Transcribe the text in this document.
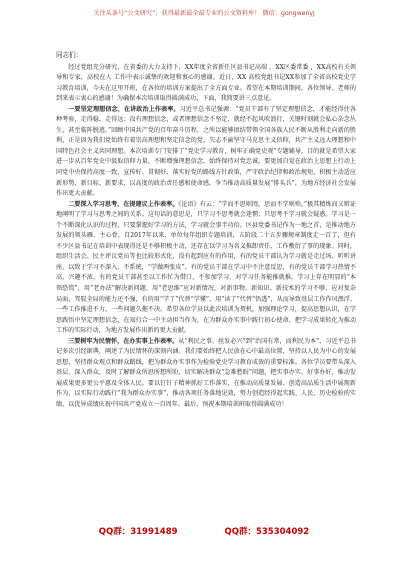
关注头条号“公文研究”，获得最新最全最专业的公文资料库！ 微信：gongwenyj

同志们：

经过党组充分研究，在省委的大力支持下，XX年度全省新任区县书记高端 ，XX区委常委 ，XX高校有关领导和专家，高校在人 工作中表示诚挚的欢迎和衷心的感谢。近日，XX 高校党组书记XX参加了全省高校党史学习教育培训，今天在这里开班，在各位的培训方案提出了全方面专业。希望在本期培训期间，各位领导、老师的到来表示衷心的感谢！为确保本次培训取得圆满成功，下面，我简要讲三点意见。

一要坚定理想信念，在讲政治上作表率。习近平总书记强调：“党员干部有了坚定理想信念，才能经得住各种考验，走得稳、走得远；没有理想信念，或者理想信念不坚定，就经不起风吹浪打，关键时刻就会私心杂念丛生，甚至临阵脱逃。”回顾中国共产党的百年奋斗历程，之所以能够团结带领全国各族人民不断从胜利走向新的胜利，正是因为我们党始终有着崇高理想和坚定信念的党，矢志不渝坚守马克思主义信仰，共产主义远大理想和中国特色社会主义共同理想。本次培训专门安排了“党史学习教育，树牢正确党史观”专题辅导，目的就是希望大家进一步从百年党史中汲取信仰力量，不断增强理想信念，始终保持对党忠诚，要更加自觉在政治上思想上行动上同党中央保持高度一致，宣传好、贯彻好、落实好党的路线方针政策，严守政治纪律和政治规矩，积极主动适应新形势、新目标、新要求，以高度的政治责任感和使命感，争当推动高质量发展“排头兵”，为地方经济社会发展作出更大贡献。

二要深入学习思考，在提建议上作表率。《论语》有云：“学而不思则罔，思而不学则殆。”极其精炼而又辩证地阐明了学习与思考之间的关系。这句话的意思是，只学习不思考就会迷惘；只思考不学习就会疑惑。学习是一个不断深化认识的过程，只要掌握好学习的方法，学习就会事半功倍。区县党委书记作为一地之首，是推动地方发展的领头雁、主心骨，自2017年以来，单位每年组织专题培训，五阶段二十五步骤规章制度走一百了，但有不少区县书记在培训中表现得还是不够积极主动，还存在以学习为名义推卸责任、工作敷衍了事的现象。同时，组织生活会、民主评议党员等也比较形式化，没有起到应有的作用，有的党员干部认为学习就是走过场、听听讲座，以致于学习不深入、不系统，“学做两张皮”。有的党员干部在学习中不注意反思，有的党员干部学习热情不高、兴趣不浓，有的党员干部甚至以工作忙为借口，不参加学习，对学习任务能推就推，学习上存在明显的“本领恐慌”，用“老办法”解决新问题、用“老思维”应对新情况，对新事物、新知识、新技术的学习不够，应对复杂局面、驾驭全局的能力还不强，有的用“学了”代替“学懂”，用“读了”代替“悟透”，从而导致基层工作作风漂浮、一些工作推进不力，一些问题久拖不决。希望各位学员以此次培训为契机，加强理论学习，提高思想认识，在学思践悟中坚定理想信念，在知行合一中主动担当作为，在为群众办实事中践行初心使命，把学习成果转化为推动工作的实际行动，为地方发展作出新的更大贡献。

三要树牢为民情怀，在办实事上作表率。从“利民之事，丝发必兴”到“治国有常，而利民为本”，习近平总书记多次引经据典，阐述了为民情怀的深刻内涵。我们要始终把人民放在心中最高位置，坚持以人民为中心的发展思想，坚持群众观点和群众路线，把为群众办实事作为检验党史学习教育成效的重要标准。各位学员要带头深入基层、深入群众，及时了解群众所思所想所盼，切实解决群众“急难愁盼”问题，把实事办实、好事办好，推动发展成果更多更公平惠及全体人民。要以钉钉子精神抓好工作落实，在推动高质量发展、创造高品质生活中展现新作为，以实际行动践行“我为群众办实事”，推动各项任务落地见效，努力创造经得起实践、人民、历史检验的实绩，以优异成绩庆祝中国共产党成立一百周年。最后，预祝本期培训班取得圆满成功！

QQ群：31991489	QQ群：535304092
